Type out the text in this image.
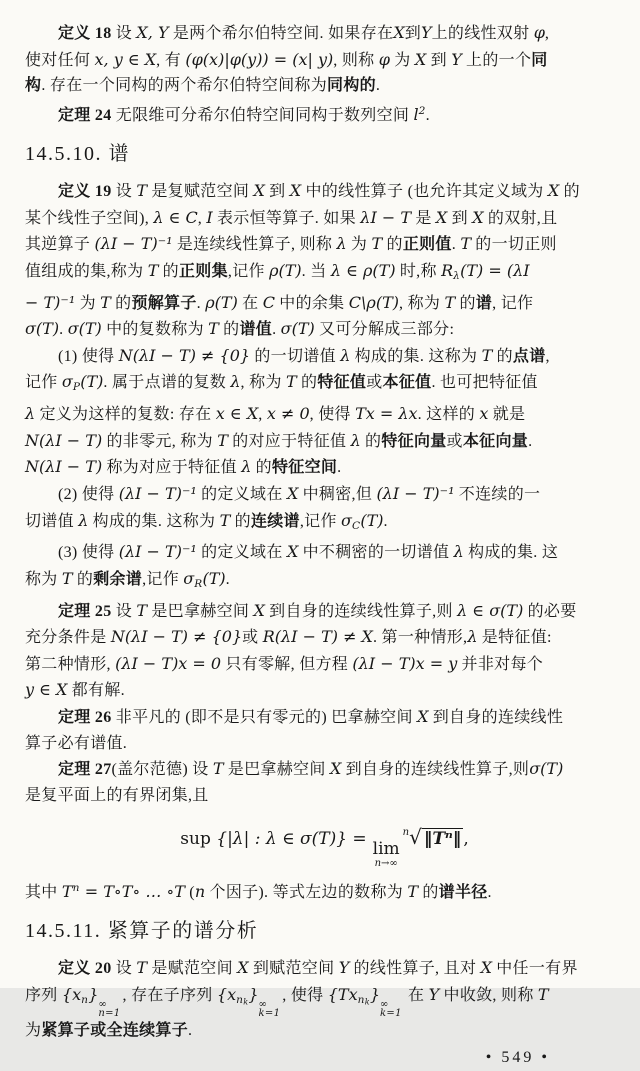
定义 18 设 X, Y 是两个希尔伯特空间. 如果存在X到Y上的线性双射 φ,
使对任何 x, y ∈ X, 有 (φ(x)|φ(y)) = (x| y), 则称 φ 为 X 到 Y 上的一个同
构. 存在一个同构的两个希尔伯特空间称为同构的.
定理 24 无限维可分希尔伯特空间同构于数列空间 $l^2$.
14.5.10. 谱
定义 19 设 T 是复赋范空间 X 到 X 中的线性算子 (也允许其定义域为 X 的
某个线性子空间), λ ∈ C, I 表示恒等算子. 如果 λI − T 是 X 到 X 的双射,且
其逆算子 (λI − T)⁻¹ 是连续线性算子, 则称 λ 为 T 的正则值. T 的一切正则
值组成的集,称为 T 的正则集,记作 ρ(T). 当 λ ∈ ρ(T) 时,称 Rλ(T) = (λI
− T)⁻¹ 为 T 的预解算子. ρ(T) 在 C 中的余集 C\ρ(T), 称为 T 的谱, 记作
σ(T). σ(T) 中的复数称为 T 的谱值. σ(T) 又可分解成三部分:
(1) 使得 N(λI − T) ≠ {0} 的一切谱值 λ 构成的集. 这称为 T 的点谱,
记作 σP(T). 属于点谱的复数 λ, 称为 T 的特征值或本征值. 也可把特征值
λ 定义为这样的复数: 存在 x ∈ X, x ≠ 0, 使得 Tx = λx. 这样的 x 就是
N(λI − T) 的非零元, 称为 T 的对应于特征值 λ 的特征向量或本征向量.
N(λI − T) 称为对应于特征值 λ 的特征空间.
(2) 使得 (λI − T)⁻¹ 的定义域在 X 中稠密,但 (λI − T)⁻¹ 不连续的一
切谱值 λ 构成的集. 这称为 T 的连续谱,记作 σC(T).
(3) 使得 (λI − T)⁻¹ 的定义域在 X 中不稠密的一切谱值 λ 构成的集. 这
称为 T 的剩余谱,记作 σR(T).
定理 25 设 T 是巴拿赫空间 X 到自身的连续线性算子,则 λ ∈ σ(T) 的必要
充分条件是 N(λI − T) ≠ {0}或 R(λI − T) ≠ X. 第一种情形,λ 是特征值:
第二种情形, (λI − T)x = 0 只有零解, 但方程 (λI − T)x = y 并非对每个
y ∈ X 都有解.
定理 26 非平凡的 (即不是只有零元的) 巴拿赫空间 X 到自身的连续线性
算子必有谱值.
定理 27(盖尔范德) 设 T 是巴拿赫空间 X 到自身的连续线性算子,则σ(T)
是复平面上的有界闭集,且
sup {|λ| : λ ∈ σ(T)} = lim
n→∞
$^n$√ ‖Tⁿ‖ ,
其中 $T^n$ = T∘T∘ … ∘T (n 个因子). 等式左边的数称为 T 的谱半径.
14.5.11. 紧算子的谱分析
定义 20 设 T 是赋范空间 X 到赋范空间 Y 的线性算子, 且对 X 中任一有界
序列 {xn}
∞
n=1
, 存在子序列 $\{xn_k\}$
∞
k=1
, 使得 {Txn$_k$}
∞
k=1
在 Y 中收敛, 则称 T
为紧算子或全连续算子.
• 549 •
